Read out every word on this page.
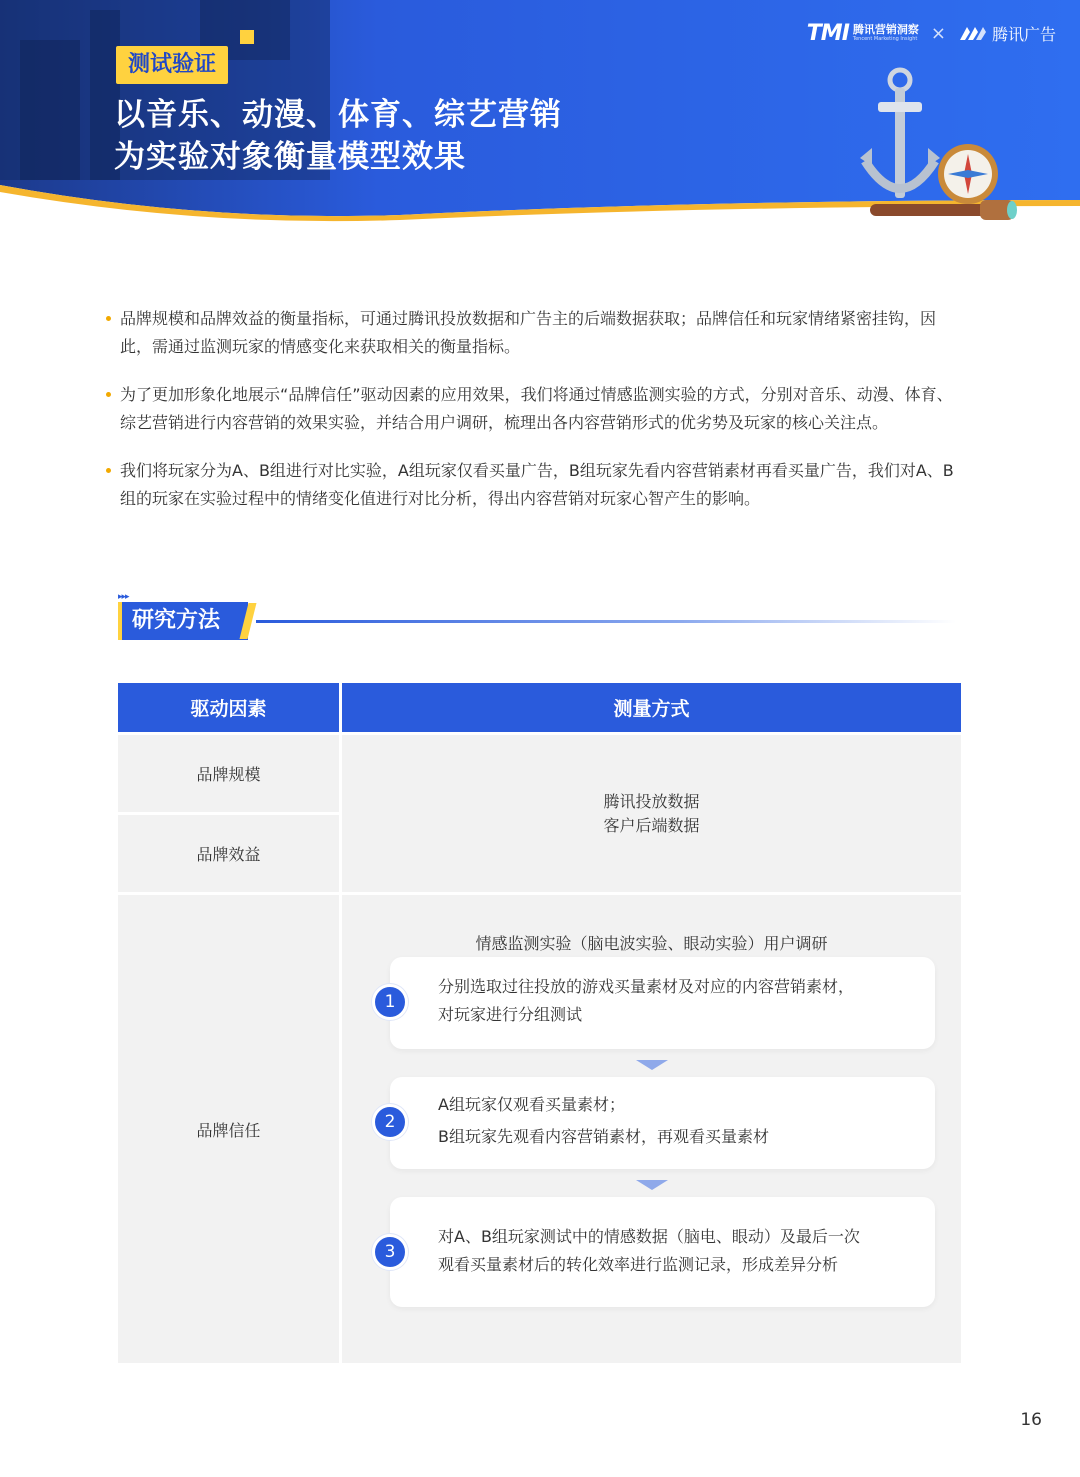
测试验证
以音乐、动漫、体育、综艺营销
为实验对象衡量模型效果
TMI 腾讯营销洞察
Tencent Marketing Insight ×	腾讯广告
品牌规模和品牌效益的衡量指标，可通过腾讯投放数据和广告主的后端数据获取；品牌信任和玩家情绪紧密挂钩，因此，需通过监测玩家的情感变化来获取相关的衡量指标。
为了更加形象化地展示“品牌信任”驱动因素的应用效果，我们将通过情感监测实验的方式，分别对音乐、动漫、体育、综艺营销进行内容营销的效果实验，并结合用户调研，梳理出各内容营销形式的优劣势及玩家的核心关注点。
我们将玩家分为A、B组进行对比实验，A组玩家仅看买量广告，B组玩家先看内容营销素材再看买量广告，我们对A、B组的玩家在实验过程中的情绪变化值进行对比分析，得出内容营销对玩家心智产生的影响。
▸▸▸
研究方法
驱动因素	测量方式
品牌规模
品牌效益
腾讯投放数据
客户后端数据
品牌信任
情感监测实验（脑电波实验、眼动实验）用户调研
1
分别选取过往投放的游戏买量素材及对应的内容营销素材，
对玩家进行分组测试
2
A组玩家仅观看买量素材；
B组玩家先观看内容营销素材，再观看买量素材
3
对A、B组玩家测试中的情感数据（脑电、眼动）及最后一次
观看买量素材后的转化效率进行监测记录，形成差异分析
16
